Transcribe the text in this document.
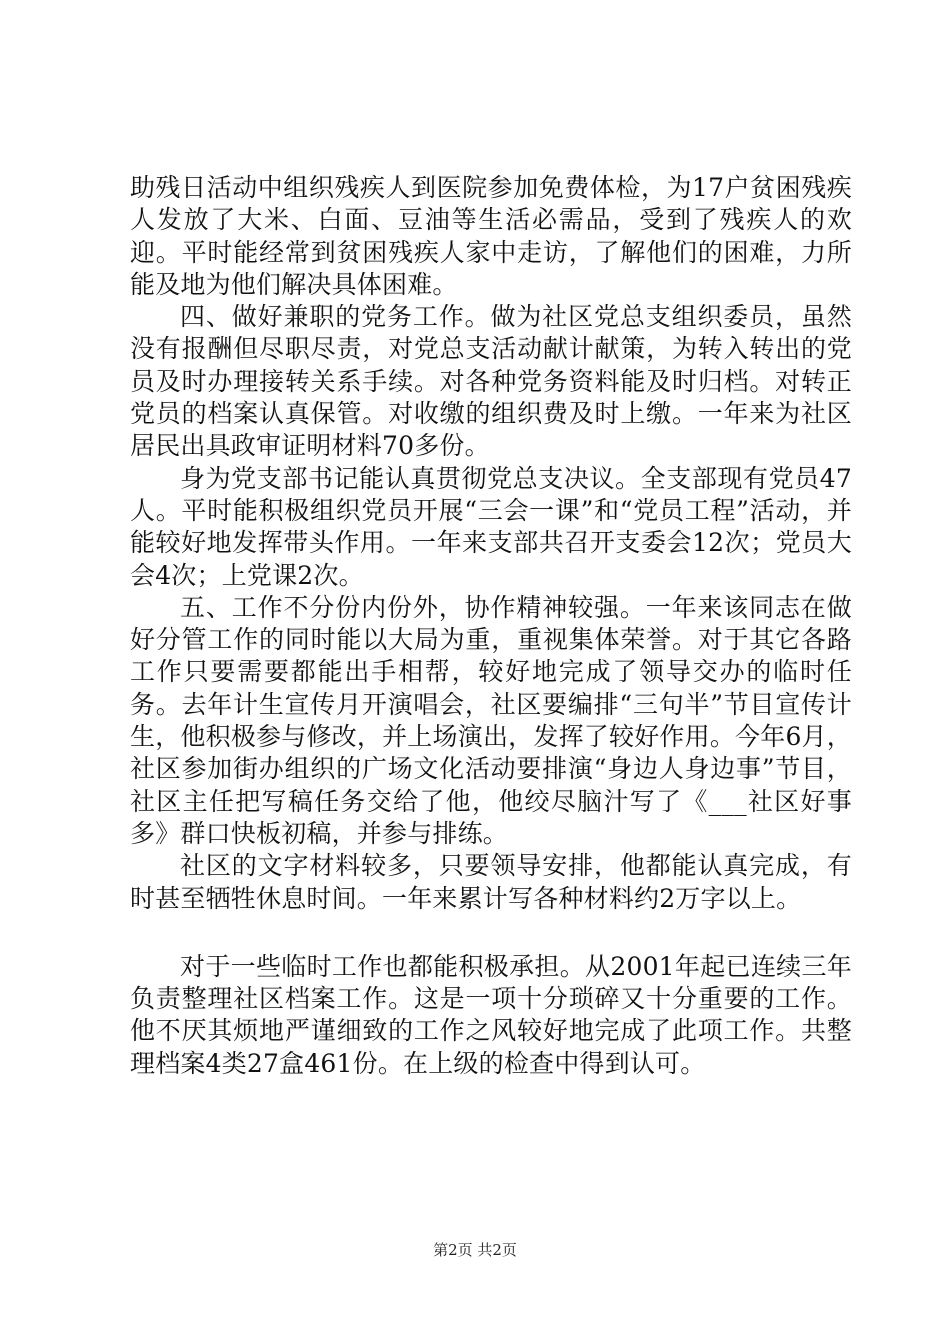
助残日活动中组织残疾人到医院参加免费体检，为17户贫困残疾人发放了大米、白面、豆油等生活必需品，受到了残疾人的欢迎。平时能经常到贫困残疾人家中走访，了解他们的困难，力所能及地为他们解决具体困难。

四、做好兼职的党务工作。做为社区党总支组织委员，虽然没有报酬但尽职尽责，对党总支活动献计献策，为转入转出的党员及时办理接转关系手续。对各种党务资料能及时归档。对转正党员的档案认真保管。对收缴的组织费及时上缴。一年来为社区居民出具政审证明材料70多份。

身为党支部书记能认真贯彻党总支决议。全支部现有党员47人。平时能积极组织党员开展“三会一课”和“党员工程”活动，并能较好地发挥带头作用。一年来支部共召开支委会12次；党员大会4次；上党课2次。

五、工作不分份内份外，协作精神较强。一年来该同志在做好分管工作的同时能以大局为重，重视集体荣誉。对于其它各路工作只要需要都能出手相帮，较好地完成了领导交办的临时任务。去年计生宣传月开演唱会，社区要编排“三句半”节目宣传计生，他积极参与修改，并上场演出，发挥了较好作用。今年6月，社区参加街办组织的广场文化活动要排演“身边人身边事”节目，社区主任把写稿任务交给了他，他绞尽脑汁写了《___社区好事多》群口快板初稿，并参与排练。

社区的文字材料较多，只要领导安排，他都能认真完成，有时甚至牺牲休息时间。一年来累计写各种材料约2万字以上。

对于一些临时工作也都能积极承担。从2001年起已连续三年负责整理社区档案工作。这是一项十分琐碎又十分重要的工作。他不厌其烦地严谨细致的工作之风较好地完成了此项工作。共整理档案4类27盒461份。在上级的检查中得到认可。

第2页 共2页
